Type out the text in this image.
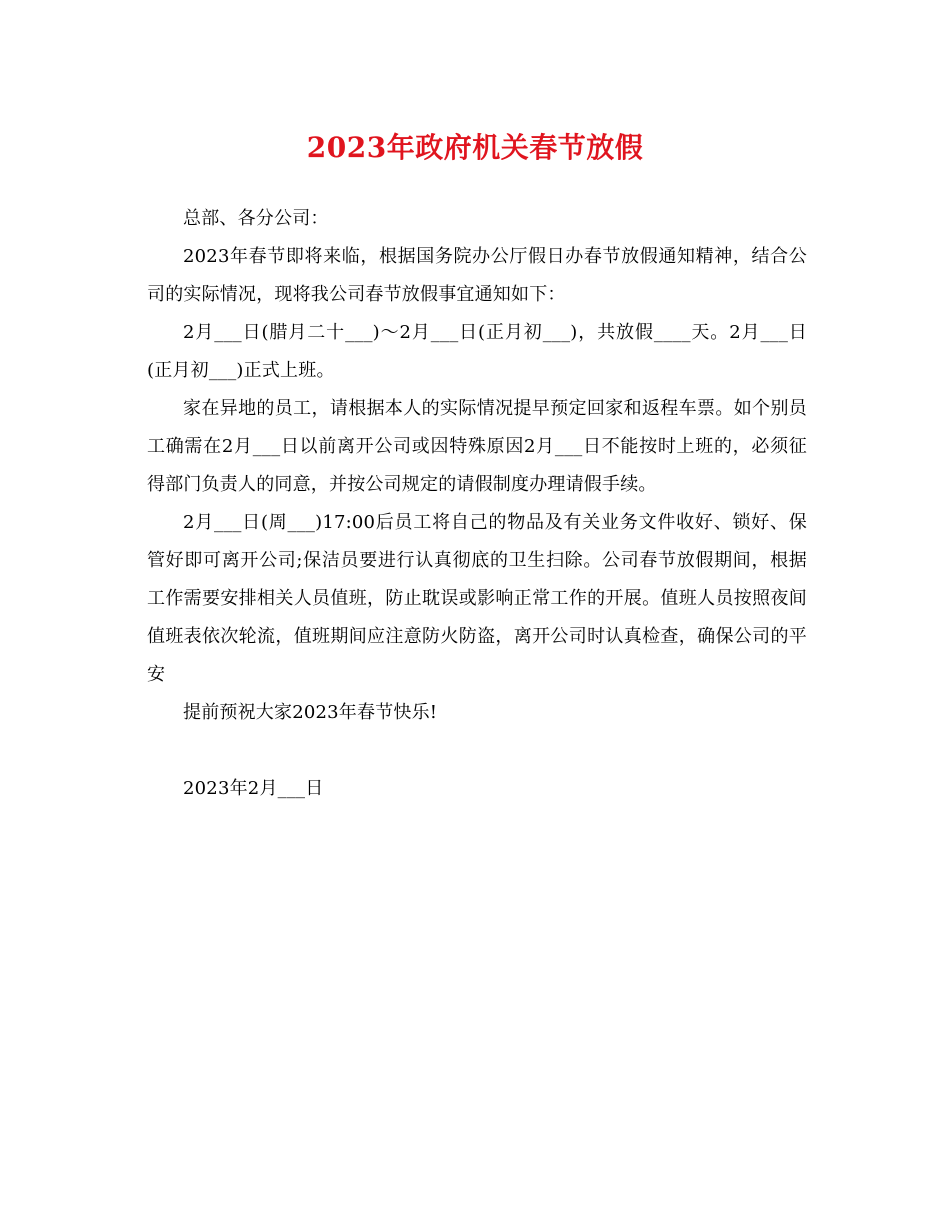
2023年政府机关春节放假

总部、各分公司：

2023年春节即将来临，根据国务院办公厅假日办春节放假通知精神，结合公司的实际情况，现将我公司春节放假事宜通知如下：

2月___日(腊月二十___)～2月___日(正月初___)，共放假____天。2月___日(正月初___)正式上班。

家在异地的员工，请根据本人的实际情况提早预定回家和返程车票。如个别员工确需在2月___日以前离开公司或因特殊原因2月___日不能按时上班的，必须征得部门负责人的同意，并按公司规定的请假制度办理请假手续。

2月___日(周___)17:00后员工将自己的物品及有关业务文件收好、锁好、保管好即可离开公司;保洁员要进行认真彻底的卫生扫除。公司春节放假期间，根据工作需要安排相关人员值班，防止耽误或影响正常工作的开展。值班人员按照夜间值班表依次轮流，值班期间应注意防火防盗，离开公司时认真检查，确保公司的平安

提前预祝大家2023年春节快乐!

2023年2月___日
